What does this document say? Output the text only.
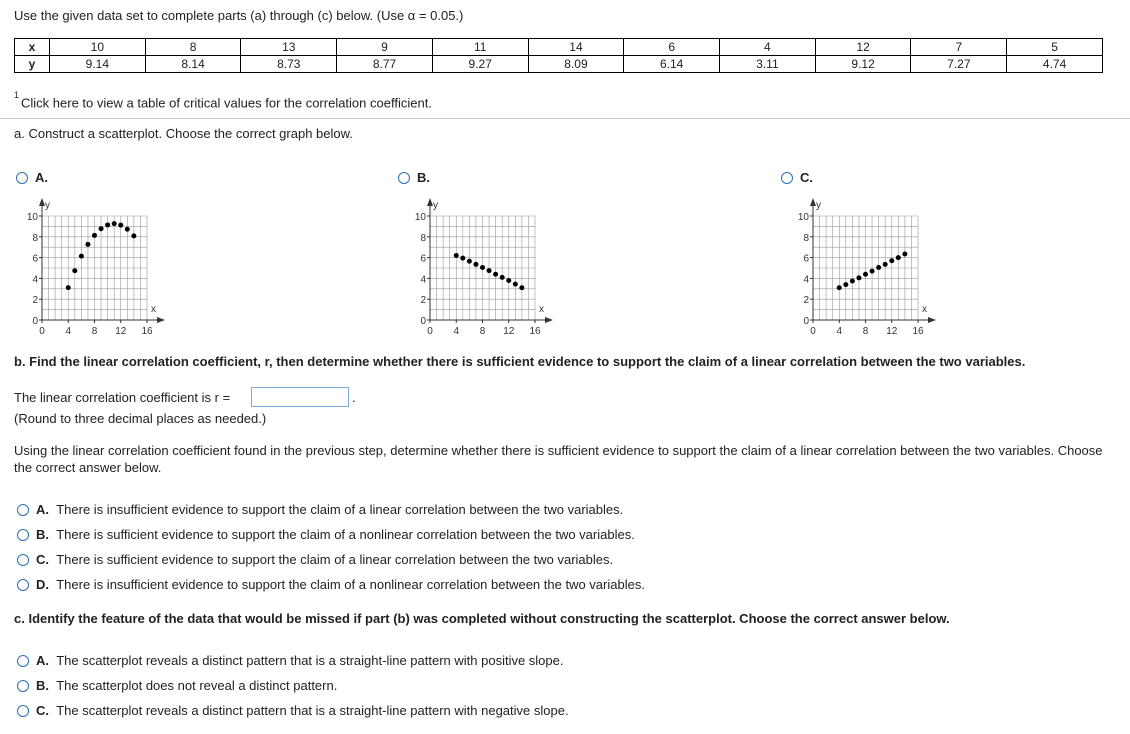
Use the given data set to complete parts (a) through (c) below. (Use α = 0.05.)
x	10	8	13	9	11	14	6	4	12	7	5
y	9.14	8.14	8.73	8.77	9.27	8.09	6.14	3.11	9.12	7.27	4.74
$^1$Click here to view a table of critical values for the correlation coefficient.
a. Construct a scatterplot. Choose the correct graph below.
A.
y
x
0 4 8 12 16
0
2
4
6
8
10
B.
y
x
0 4 8 12 16
0
2
4
6
8
10
C.
y
x
0 4 8 12 16
0
2
4
6
8
10
b. Find the linear correlation coefficient, r, then determine whether there is sufficient evidence to support the claim of a linear correlation between the two variables.
The linear correlation coefficient is r =	.
(Round to three decimal places as needed.)
Using the linear correlation coefficient found in the previous step, determine whether there is sufficient evidence to support the claim of a linear correlation between the two variables. Choose the correct answer below.
A. There is insufficient evidence to support the claim of a linear correlation between the two variables.
B. There is sufficient evidence to support the claim of a nonlinear correlation between the two variables.
C. There is sufficient evidence to support the claim of a linear correlation between the two variables.
D. There is insufficient evidence to support the claim of a nonlinear correlation between the two variables.
c. Identify the feature of the data that would be missed if part (b) was completed without constructing the scatterplot. Choose the correct answer below.
A. The scatterplot reveals a distinct pattern that is a straight-line pattern with positive slope.
B. The scatterplot does not reveal a distinct pattern.
C. The scatterplot reveals a distinct pattern that is a straight-line pattern with negative slope.
